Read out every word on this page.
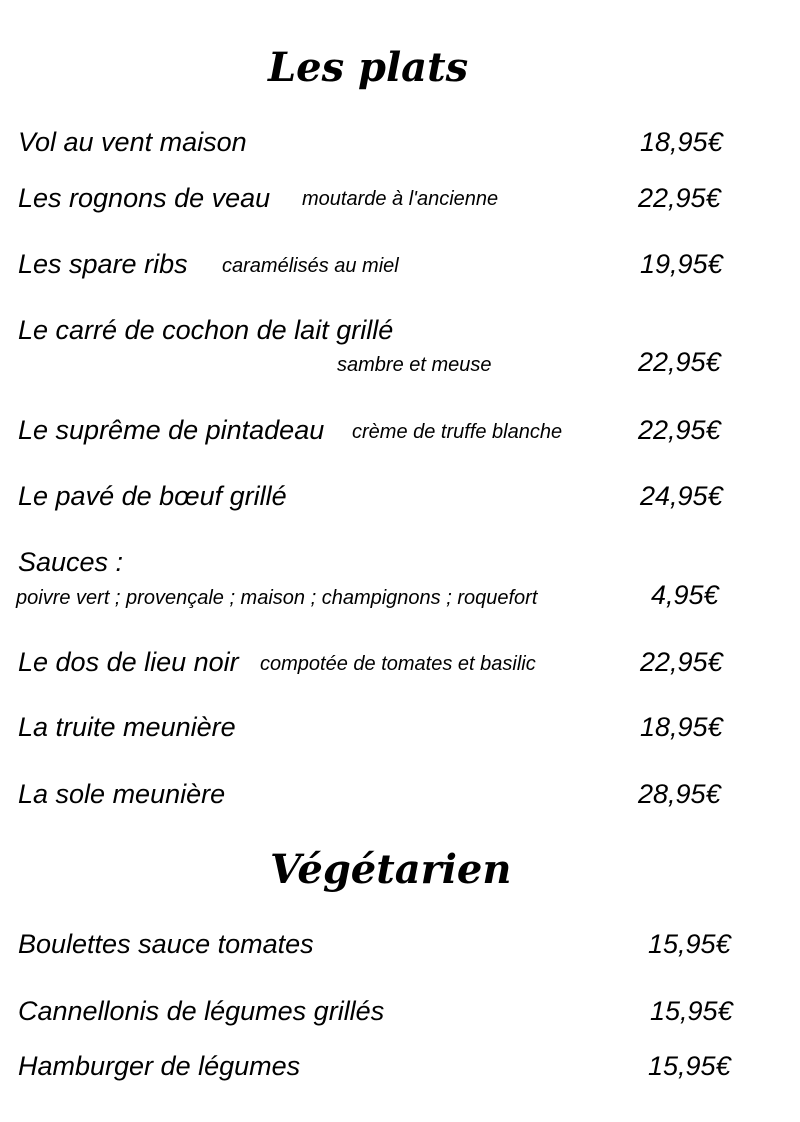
Les plats
Vol au vent maison	18,95€
Les rognons de veau moutarde à l'ancienne	22,95€
Les spare ribs caramélisés au miel	19,95€
Le carré de cochon de lait grillé
sambre et meuse	22,95€
Le suprême de pintadeau crème de truffe blanche	22,95€
Le pavé de bœuf grillé	24,95€
Sauces :
poivre vert ; provençale ; maison ; champignons ; roquefort	4,95€
Le dos de lieu noir compotée de tomates et basilic	22,95€
La truite meunière	18,95€
La sole meunière	28,95€
Végétarien
Boulettes sauce tomates	15,95€
Cannellonis de légumes grillés	15,95€
Hamburger de légumes	15,95€
